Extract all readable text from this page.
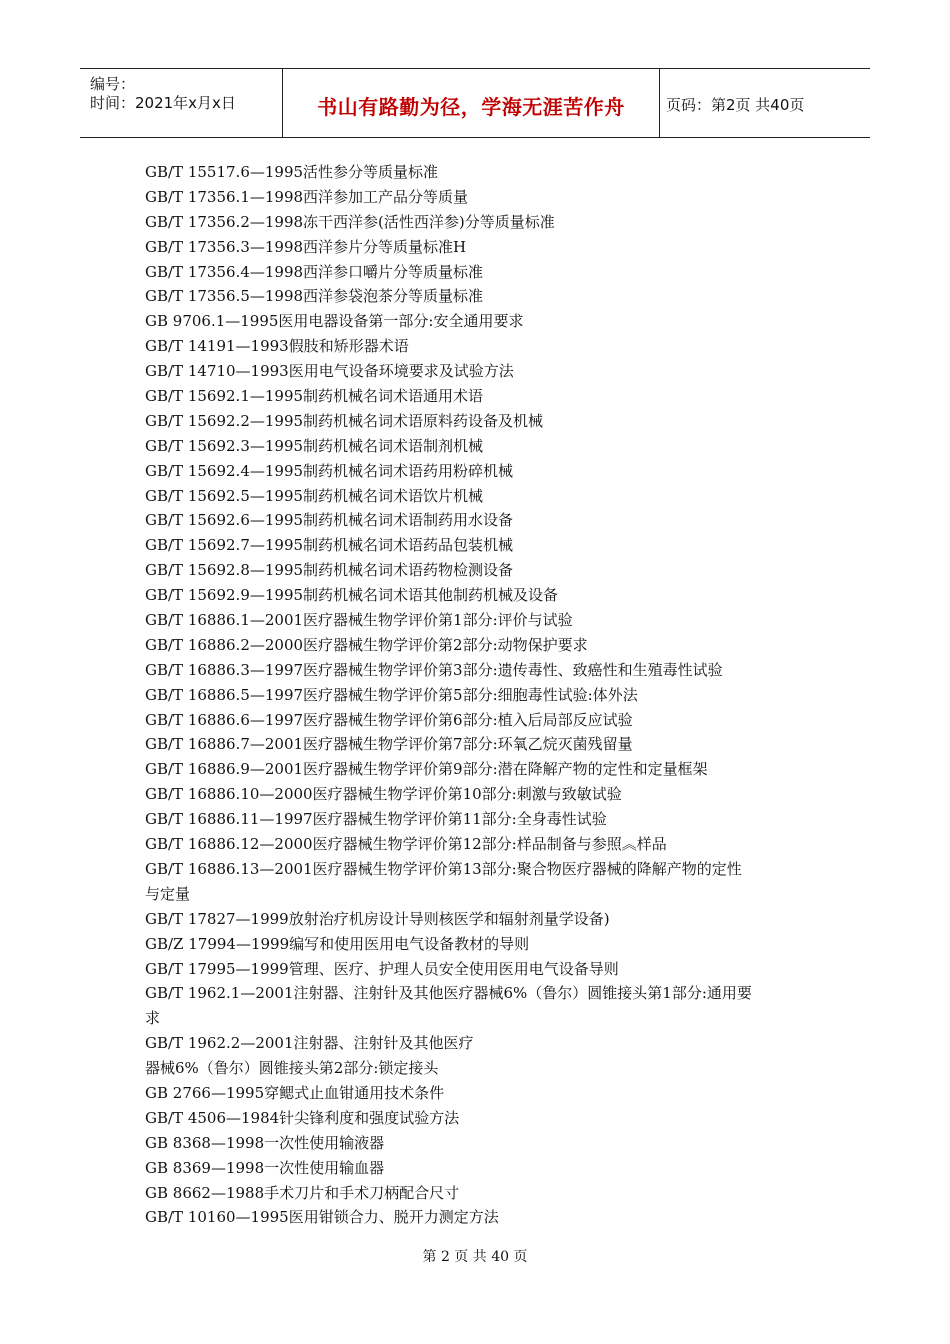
编号：
时间：2021年x月x日	书山有路勤为径，学海无涯苦作舟	页码：第2页 共40页
GB/T 15517.6—1995活性参分等质量标准
GB/T 17356.1—1998西洋参加工产品分等质量
GB/T 17356.2—1998冻干西洋参(活性西洋参)分等质量标准
GB/T 17356.3—1998西洋参片分等质量标准H
GB/T 17356.4—1998西洋参口嚼片分等质量标准
GB/T 17356.5—1998西洋参袋泡茶分等质量标准
GB 9706.1—1995医用电器设备第一部分:安全通用要求
GB/T 14191—1993假肢和矫形器术语
GB/T 14710—1993医用电气设备环境要求及试验方法
GB/T 15692.1—1995制药机械名词术语通用术语
GB/T 15692.2—1995制药机械名词术语原料药设备及机械
GB/T 15692.3—1995制药机械名词术语制剂机械
GB/T 15692.4—1995制药机械名词术语药用粉碎机械
GB/T 15692.5—1995制药机械名词术语饮片机械
GB/T 15692.6—1995制药机械名词术语制药用水设备
GB/T 15692.7—1995制药机械名词术语药品包装机械
GB/T 15692.8—1995制药机械名词术语药物检测设备
GB/T 15692.9—1995制药机械名词术语其他制药机械及设备
GB/T 16886.1—2001医疗器械生物学评价第1部分:评价与试验
GB/T 16886.2—2000医疗器械生物学评价第2部分:动物保护要求
GB/T 16886.3—1997医疗器械生物学评价第3部分:遗传毒性、致癌性和生殖毒性试验
GB/T 16886.5—1997医疗器械生物学评价第5部分:细胞毒性试验:体外法
GB/T 16886.6—1997医疗器械生物学评价第6部分:植入后局部反应试验
GB/T 16886.7—2001医疗器械生物学评价第7部分:环氧乙烷灭菌残留量
GB/T 16886.9—2001医疗器械生物学评价第9部分:潜在降解产物的定性和定量框架
GB/T 16886.10—2000医疗器械生物学评价第10部分:刺激与致敏试验
GB/T 16886.11—1997医疗器械生物学评价第11部分:全身毒性试验
GB/T 16886.12—2000医疗器械生物学评价第12部分:样品制备与参照︽样品
GB/T 16886.13—2001医疗器械生物学评价第13部分:聚合物医疗器械的降解产物的定性
与定量
GB/T 17827—1999放射治疗机房设计导则核医学和辐射剂量学设备)
GB/Z 17994—1999编写和使用医用电气设备教材的导则
GB/T 17995—1999管理、医疗、护理人员安全使用医用电气设备导则
GB/T 1962.1—2001注射器、注射针及其他医疗器械6%（鲁尔）圆锥接头第1部分:通用要
求
GB/T 1962.2—2001注射器、注射针及其他医疗
器械6%（鲁尔）圆锥接头第2部分:锁定接头
GB 2766—1995穿鳃式止血钳通用技术条件
GB/T 4506—1984针尖锋利度和强度试验方法
GB 8368—1998一次性使用输液器
GB 8369—1998一次性使用输血器
GB 8662—1988手术刀片和手术刀柄配合尺寸
GB/T 10160—1995医用钳锁合力、脱开力测定方法
第 2 页 共 40 页
